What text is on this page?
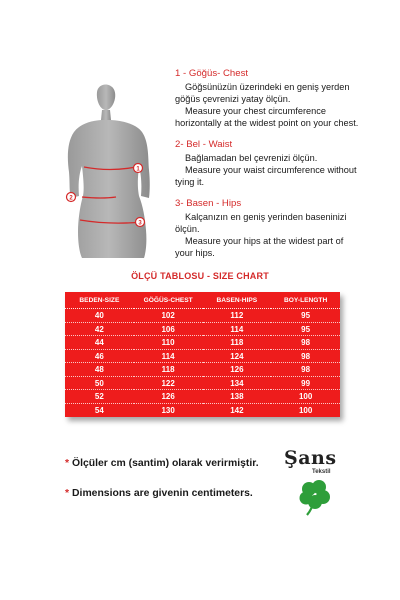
1
2
3
1 - Göğüs- Chest
Göğsünüzün üzerindeki en geniş yerden
göğüs çevrenizi yatay ölçün.
Measure your chest circumference
horizontally at the widest point on your chest.
2- Bel - Waist
Bağlamadan bel çevrenizi ölçün.
Measure your waist circumference without
tying it.
3- Basen - Hips
Kalçanızın en geniş yerinden baseninizi
ölçün.
Measure your hips at the widest part of
your hips.
ÖLÇÜ TABLOSU - SIZE CHART
BEDEN-SIZE	GÖĞÜS-CHEST	BASEN-HIPS	BOY-LENGTH
40	102	112	95
42	106	114	95
44	110	118	98
46	114	124	98
48	118	126	98
50	122	134	99
52	126	138	100
54	130	142	100
* Ölçüler cm (santim) olarak verirmiştir.
* Dimensions are givenin centimeters.
Şans
Tekstil
